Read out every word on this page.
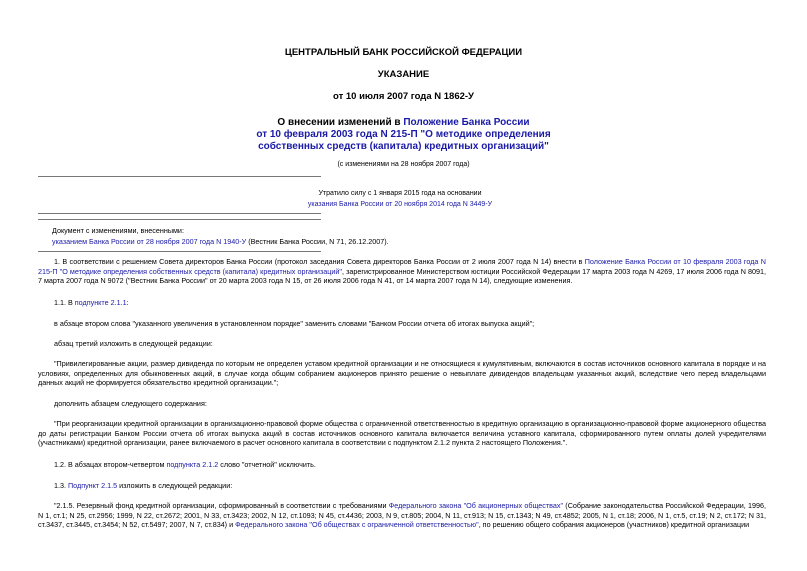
ЦЕНТРАЛЬНЫЙ БАНК РОССИЙСКОЙ ФЕДЕРАЦИИ
УКАЗАНИЕ
от 10 июля 2007 года N 1862-У
О внесении изменений в Положение Банка России
от 10 февраля 2003 года N 215-П "О методике определения
собственных средств (капитала) кредитных организаций"
(с изменениями на 28 ноября 2007 года)
Утратило силу с 1 января 2015 года на основании
указания Банка России от 20 ноября 2014 года N 3449-У
Документ с изменениями, внесенными:
указанием Банка России от 28 ноября 2007 года N 1940-У (Вестник Банка России, N 71, 26.12.2007).
1. В соответствии с решением Совета директоров Банка России (протокол заседания Совета директоров Банка России от 2 июля 2007 года N 14) внести в Положение Банка России от 10 февраля 2003 года N 215-П "О методике определения собственных средств (капитала) кредитных организаций", зарегистрированное Министерством юстиции Российской Федерации 17 марта 2003 года N 4269, 17 июля 2006 года N 8091, 7 марта 2007 года N 9072 ("Вестник Банка России" от 20 марта 2003 года N 15, от 26 июля 2006 года N 41, от 14 марта 2007 года N 14), следующие изменения.
1.1. В подпункте 2.1.1:
в абзаце втором слова "указанного увеличения в установленном порядке" заменить словами "Банком России отчета об итогах выпуска акций";
абзац третий изложить в следующей редакции:
"Привилегированные акции, размер дивиденда по которым не определен уставом кредитной организации и не относящиеся к кумулятивным, включаются в состав источников основного капитала в порядке и на условиях, определенных для обыкновенных акций, в случае когда общим собранием акционеров принято решение о невыплате дивидендов владельцам указанных акций, вследствие чего перед владельцами данных акций не формируется обязательство кредитной организации.";
дополнить абзацем следующего содержания:
"При реорганизации кредитной организации в организационно-правовой форме общества с ограниченной ответственностью в кредитную организацию в организационно-правовой форме акционерного общества до даты регистрации Банком России отчета об итогах выпуска акций в состав источников основного капитала включается величина уставного капитала, сформированного путем оплаты долей учредителями (участниками) кредитной организации, ранее включаемого в расчет основного капитала в соответствии с подпунктом 2.1.2 пункта 2 настоящего Положения.".
1.2. В абзацах втором-четвертом подпункта 2.1.2 слово "отчетной" исключить.
1.3. Подпункт 2.1.5 изложить в следующей редакции:
"2.1.5. Резервный фонд кредитной организации, сформированный в соответствии с требованиями Федерального закона "Об акционерных обществах" (Собрание законодательства Российской Федерации, 1996, N 1, ст.1; N 25, ст.2956; 1999, N 22, ст.2672; 2001, N 33, ст.3423; 2002, N 12, ст.1093; N 45, ст.4436; 2003, N 9, ст.805; 2004, N 11, ст.913; N 15, ст.1343; N 49, ст.4852; 2005, N 1, ст.18; 2006, N 1, ст.5, ст.19; N 2, ст.172; N 31, ст.3437, ст.3445, ст.3454; N 52, ст.5497; 2007, N 7, ст.834) и Федерального закона "Об обществах с ограниченной ответственностью", по решению общего собрания акционеров (участников) кредитной организации
